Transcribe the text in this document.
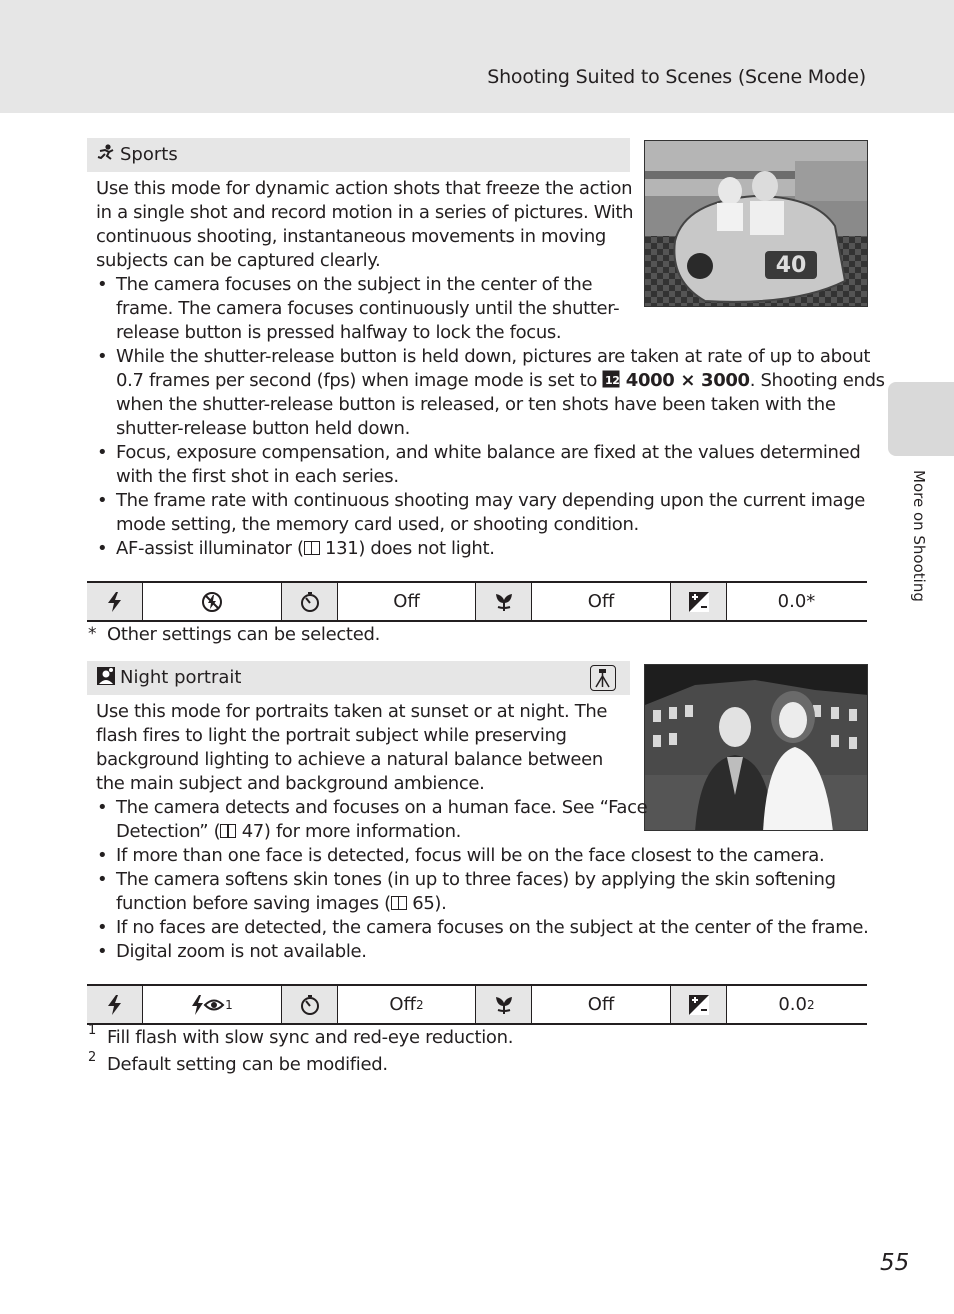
Shooting Suited to Scenes (Scene Mode)
More on Shooting
Sports
40
Use this mode for dynamic action shots that freeze the action
in a single shot and record motion in a series of pictures. With
continuous shooting, instantaneous movements in moving
subjects can be captured clearly.
• The camera focuses on the subject in the center of the
frame. The camera focuses continuously until the shutter-
release button is pressed halfway to lock the focus.
• While the shutter-release button is held down, pictures are taken at rate of up to about
0.7 frames per second (fps) when image mode is set to 12 4000 × 3000. Shooting ends
when the shutter-release button is released, or ten shots have been taken with the
shutter-release button held down.
• Focus, exposure compensation, and white balance are fixed at the values determined
with the first shot in each series.
• The frame rate with continuous shooting may vary depending upon the current image
mode setting, the memory card used, or shooting condition.
• AF-assist illuminator ( 131) does not light.
Off	Off	0.0*
* Other settings can be selected.
Night portrait
Use this mode for portraits taken at sunset or at night. The
flash fires to light the portrait subject while preserving
background lighting to achieve a natural balance between
the main subject and background ambience.
• The camera detects and focuses on a human face. See “Face
Detection” ( 47) for more information.
• If more than one face is detected, focus will be on the face closest to the camera.
• The camera softens skin tones (in up to three faces) by applying the skin softening
function before saving images ( 65).
• If no faces are detected, the camera focuses on the subject at the center of the frame.
• Digital zoom is not available.
1	Off 2	Off	0.0 2
1 Fill flash with slow sync and red-eye reduction.
2 Default setting can be modified.
55
